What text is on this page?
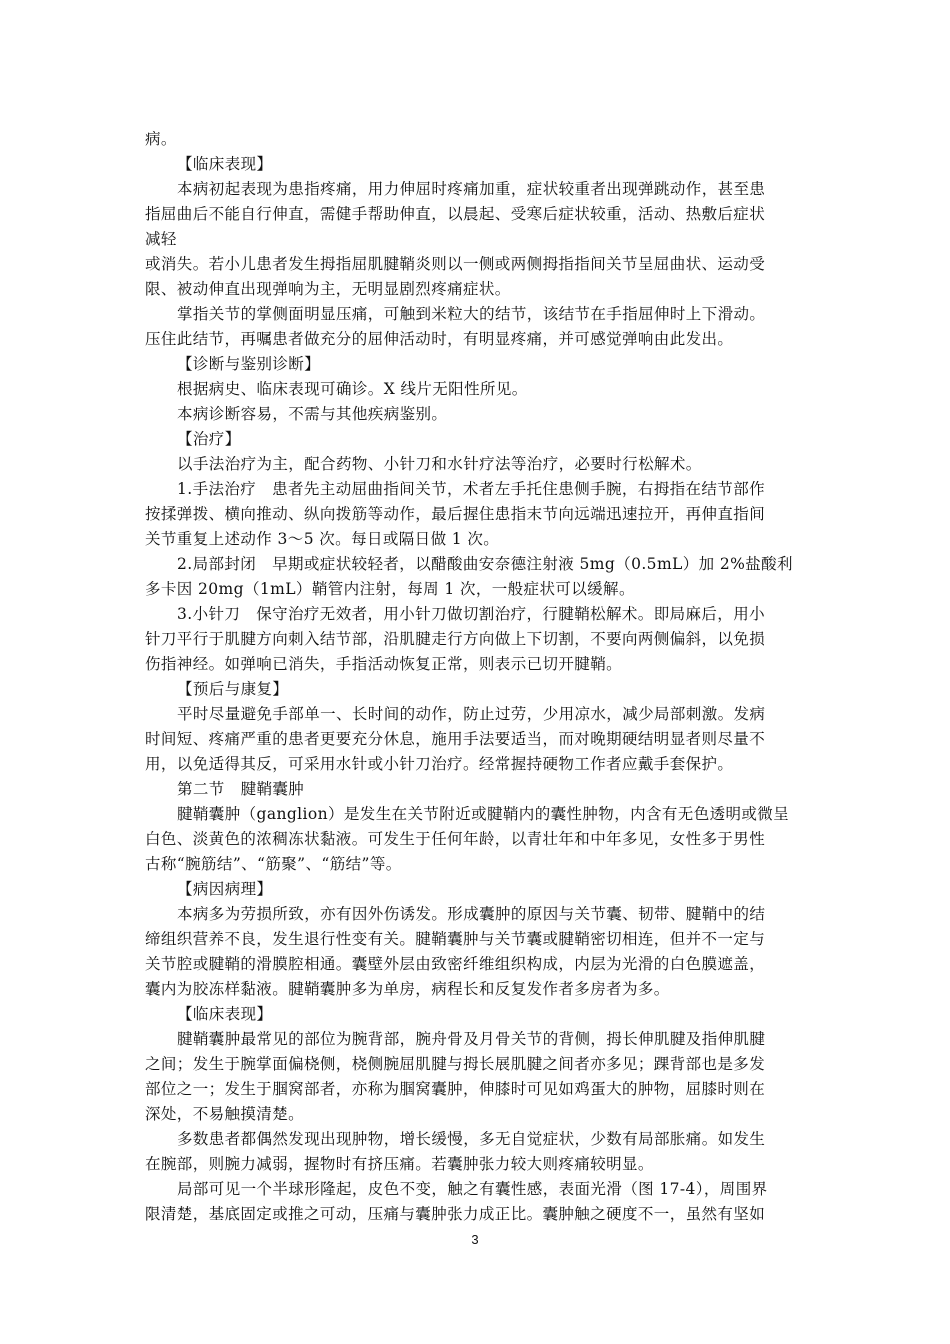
病。
【临床表现】
本病初起表现为患指疼痛，用力伸屈时疼痛加重，症状较重者出现弹跳动作，甚至患
指屈曲后不能自行伸直，需健手帮助伸直，以晨起、受寒后症状较重，活动、热敷后症状
减轻
或消失。若小儿患者发生拇指屈肌腱鞘炎则以一侧或两侧拇指指间关节呈屈曲状、运动受
限、被动伸直出现弹响为主，无明显剧烈疼痛症状。
掌指关节的掌侧面明显压痛，可触到米粒大的结节，该结节在手指屈伸时上下滑动。
压住此结节，再嘱患者做充分的屈伸活动时，有明显疼痛，并可感觉弹响由此发出。
【诊断与鉴别诊断】
根据病史、临床表现可确诊。X 线片无阳性所见。
本病诊断容易，不需与其他疾病鉴别。
【治疗】
以手法治疗为主，配合药物、小针刀和水针疗法等治疗，必要时行松解术。
1.手法治疗　患者先主动屈曲指间关节，术者左手托住患侧手腕，右拇指在结节部作
按揉弹拨、横向推动、纵向拨筋等动作，最后握住患指末节向远端迅速拉开，再伸直指间
关节重复上述动作 3～5 次。每日或隔日做 1 次。
2.局部封闭　早期或症状较轻者，以醋酸曲安奈德注射液 5mg（0.5mL）加 2%盐酸利
多卡因 20mg（1mL）鞘管内注射，每周 1 次，一般症状可以缓解。
3.小针刀　保守治疗无效者，用小针刀做切割治疗，行腱鞘松解术。即局麻后，用小
针刀平行于肌腱方向刺入结节部，沿肌腱走行方向做上下切割，不要向两侧偏斜，以免损
伤指神经。如弹响已消失，手指活动恢复正常，则表示已切开腱鞘。
【预后与康复】
平时尽量避免手部单一、长时间的动作，防止过劳，少用凉水，减少局部刺激。发病
时间短、疼痛严重的患者更要充分休息，施用手法要适当，而对晚期硬结明显者则尽量不
用，以免适得其反，可采用水针或小针刀治疗。经常握持硬物工作者应戴手套保护。
第二节　腱鞘囊肿
腱鞘囊肿（ganglion）是发生在关节附近或腱鞘内的囊性肿物，内含有无色透明或微呈
白色、淡黄色的浓稠冻状黏液。可发生于任何年龄，以青壮年和中年多见，女性多于男性
古称“腕筋结”、“筋聚”、“筋结”等。
【病因病理】
本病多为劳损所致，亦有因外伤诱发。形成囊肿的原因与关节囊、韧带、腱鞘中的结
缔组织营养不良，发生退行性变有关。腱鞘囊肿与关节囊或腱鞘密切相连，但并不一定与
关节腔或腱鞘的滑膜腔相通。囊壁外层由致密纤维组织构成，内层为光滑的白色膜遮盖，
囊内为胶冻样黏液。腱鞘囊肿多为单房，病程长和反复发作者多房者为多。
【临床表现】
腱鞘囊肿最常见的部位为腕背部，腕舟骨及月骨关节的背侧，拇长伸肌腱及指伸肌腱
之间；发生于腕掌面偏桡侧，桡侧腕屈肌腱与拇长展肌腱之间者亦多见；踝背部也是多发
部位之一；发生于腘窝部者，亦称为腘窝囊肿，伸膝时可见如鸡蛋大的肿物，屈膝时则在
深处，不易触摸清楚。
多数患者都偶然发现出现肿物，增长缓慢，多无自觉症状，少数有局部胀痛。如发生
在腕部，则腕力减弱，握物时有挤压痛。若囊肿张力较大则疼痛较明显。
局部可见一个半球形隆起，皮色不变，触之有囊性感，表面光滑（图 17-4），周围界
限清楚，基底固定或推之可动，压痛与囊肿张力成正比。囊肿触之硬度不一，虽然有坚如
3
